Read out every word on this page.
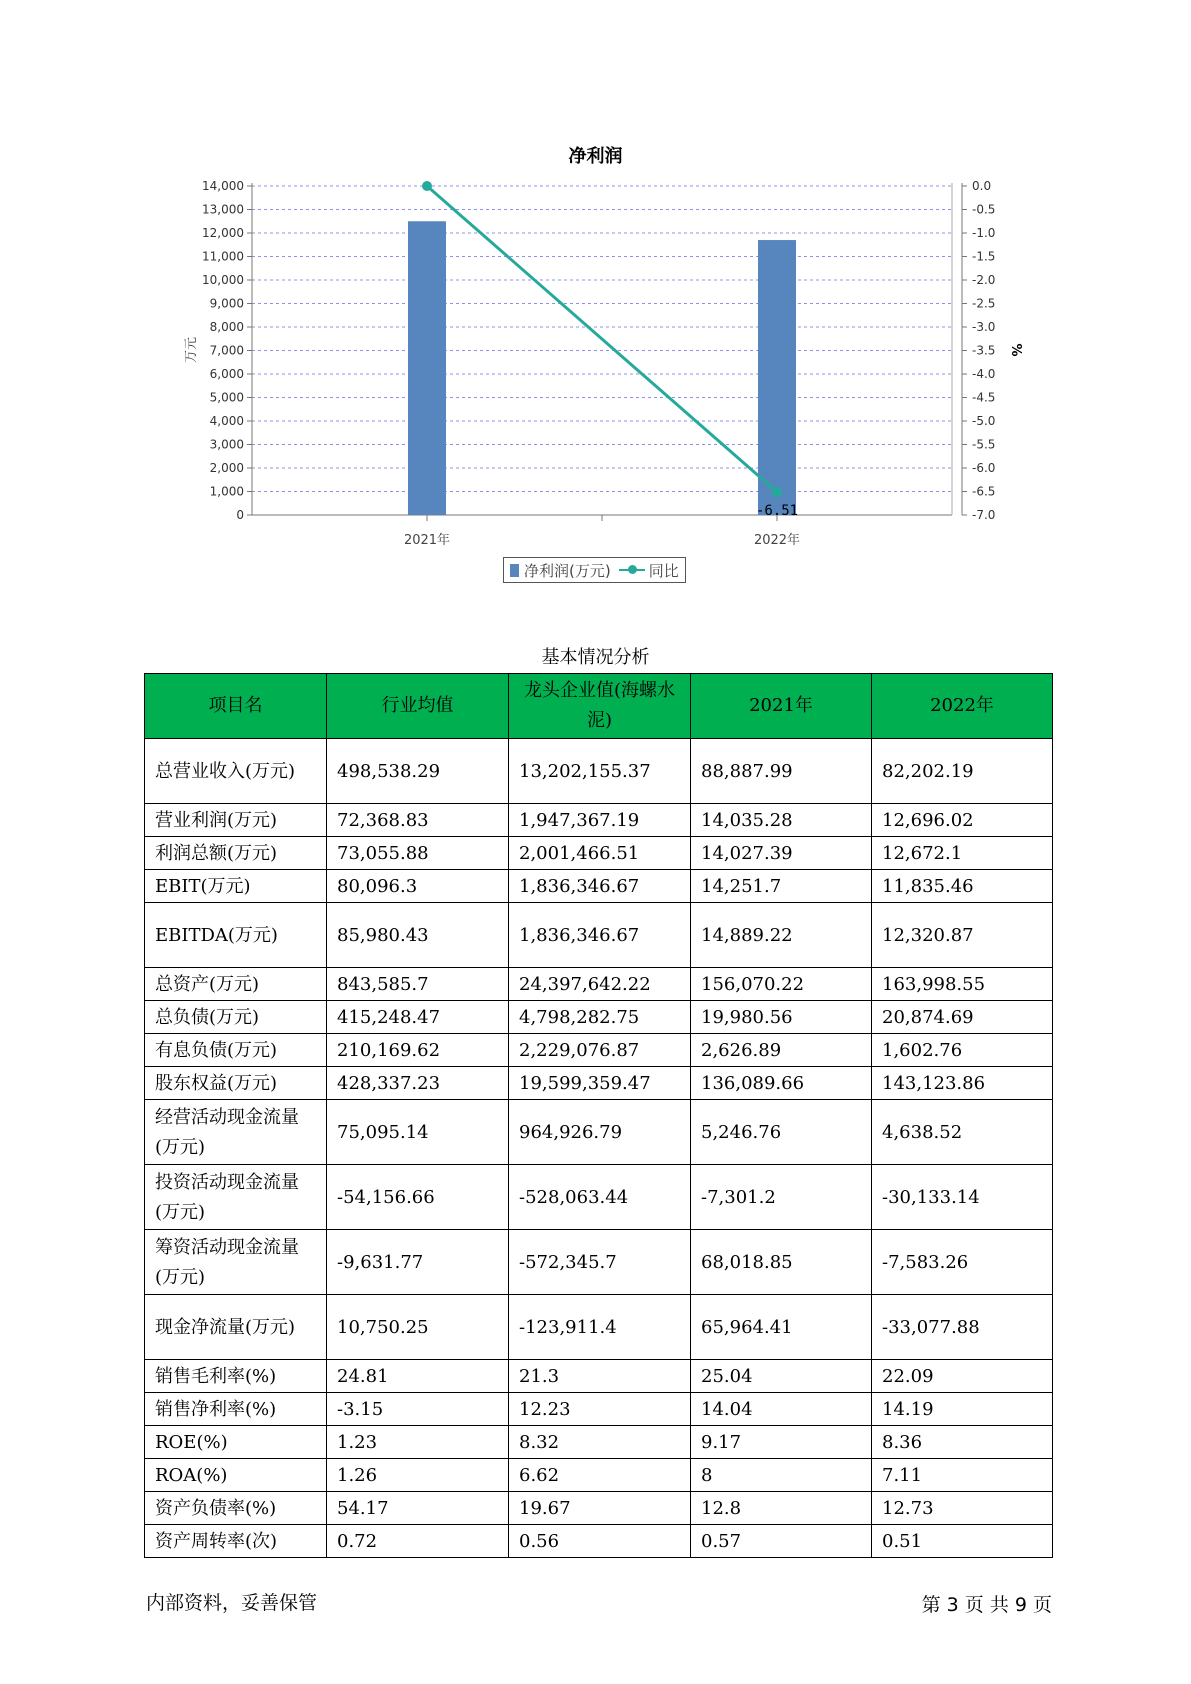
净利润
0
1,000
2,000
3,000
4,000
5,000
6,000
7,000
8,000
9,000
10,000
11,000
12,000
13,000
14,000	0.0
-0.5
-1.0
-1.5
-2.0
-2.5
-3.0
-3.5
-4.0
-4.5
-5.0
-5.5
-6.0
-6.5
-7.0
万元	%
2021年	2022年
-6.51
净利润(万元)	同比
基本情况分析
项目名	行业均值	龙头企业值(海螺水泥)	2021年	2022年
总营业收入(万元)	498,538.29	13,202,155.37	88,887.99	82,202.19
营业利润(万元)	72,368.83	1,947,367.19	14,035.28	12,696.02
利润总额(万元)	73,055.88	2,001,466.51	14,027.39	12,672.1
EBIT(万元)	80,096.3	1,836,346.67	14,251.7	11,835.46
EBITDA(万元)	85,980.43	1,836,346.67	14,889.22	12,320.87
总资产(万元)	843,585.7	24,397,642.22	156,070.22	163,998.55
总负债(万元)	415,248.47	4,798,282.75	19,980.56	20,874.69
有息负债(万元)	210,169.62	2,229,076.87	2,626.89	1,602.76
股东权益(万元)	428,337.23	19,599,359.47	136,089.66	143,123.86
经营活动现金流量(万元)	75,095.14	964,926.79	5,246.76	4,638.52
投资活动现金流量(万元)	-54,156.66	-528,063.44	-7,301.2	-30,133.14
筹资活动现金流量(万元)	-9,631.77	-572,345.7	68,018.85	-7,583.26
现金净流量(万元)	10,750.25	-123,911.4	65,964.41	-33,077.88
销售毛利率(%)	24.81	21.3	25.04	22.09
销售净利率(%)	-3.15	12.23	14.04	14.19
ROE(%)	1.23	8.32	9.17	8.36
ROA(%)	1.26	6.62	8	7.11
资产负债率(%)	54.17	19.67	12.8	12.73
资产周转率(次)	0.72	0.56	0.57	0.51
内部资料，妥善保管	第 3 页 共 9 页
